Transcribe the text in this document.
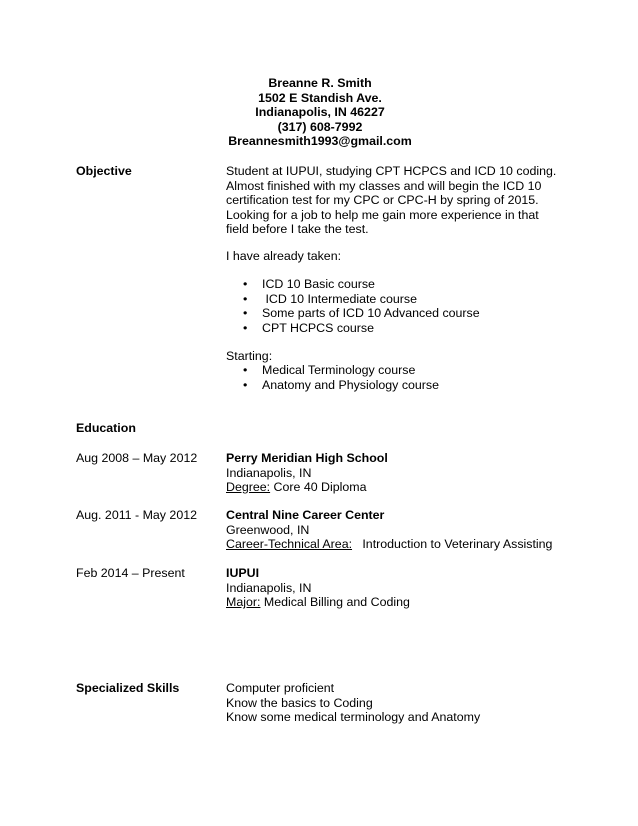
Breanne R. Smith
1502 E Standish Ave.
Indianapolis, IN 46227
(317) 608-7992
Breannesmith1993@gmail.com
Objective	Student at IUPUI, studying CPT HCPCS and ICD 10 coding.
Almost finished with my classes and will begin the ICD 10
certification test for my CPC or CPC-H by spring of 2015.
Looking for a job to help me gain more experience in that
field before I take the test.
I have already taken:
• ICD 10 Basic course
• ICD 10 Intermediate course
• Some parts of ICD 10 Advanced course
• CPT HCPCS course
Starting:
• Medical Terminology course
• Anatomy and Physiology course
Education
Aug 2008 – May 2012 Perry Meridian High School
Indianapolis, IN
Degree: Core 40 Diploma
Aug. 2011 - May 2012 Central Nine Career Center
Greenwood, IN
Career-Technical Area:   Introduction to Veterinary Assisting
Feb 2014 – Present	IUPUI
Indianapolis, IN
Major: Medical Billing and Coding
Specialized Skills	Computer proficient
Know the basics to Coding
Know some medical terminology and Anatomy
